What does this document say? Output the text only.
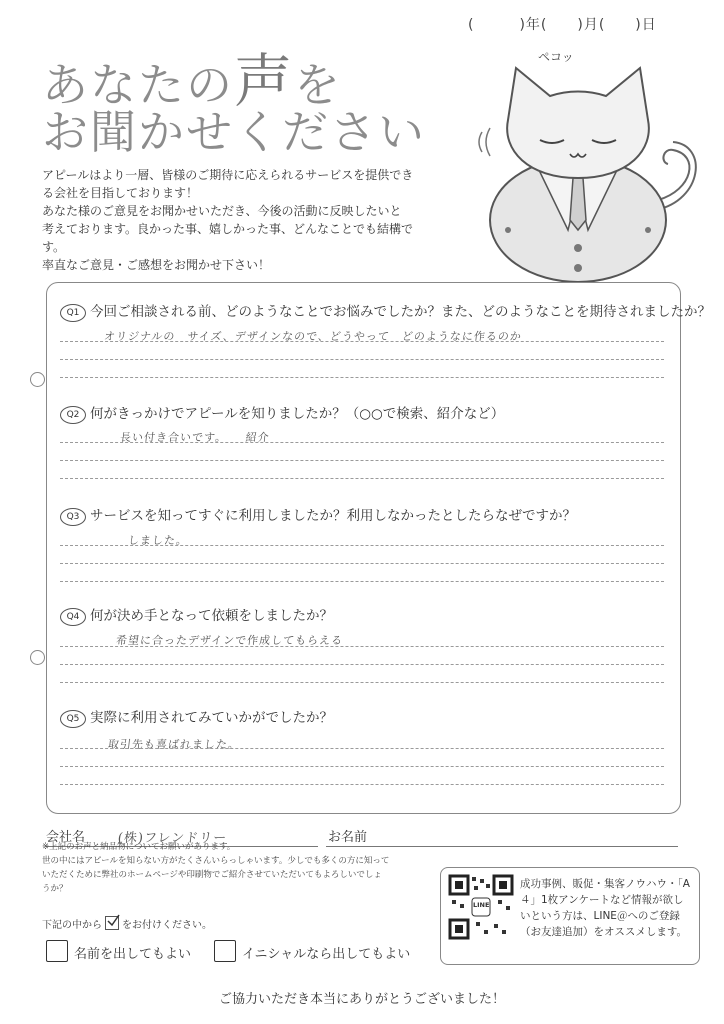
(　　　)年(　　)月(　　)日
あなたの声を
お聞かせください

アピールはより一層、皆様のご期待に応えられるサービスを提供でき

る会社を目指しております！

あなた様のご意見をお聞かせいただき、今後の活動に反映したいと

考えております。良かった事、嬉しかった事、どんなことでも結構で

す。

率直なご意見・ご感想をお聞かせ下さい！

ペコッ
Q1 今回ご相談される前、どのようなことでお悩みでしたか？また、どのようなことを期待されましたか？
オリジナルの　サイズ、デザインなので、どうやって　どのようなに作るのか
Q2 何がきっかけでアピールを知りましたか？（○○で検索、紹介など）
長い付き合いです。　　紹介
Q3 サービスを知ってすぐに利用しましたか？利用しなかったとしたらなぜですか？
しました。
Q4 何が決め手となって依頼をしましたか？
希望に合ったデザインで作成してもらえる
Q5 実際に利用されてみていかがでしたか？
取引先も喜ばれました。
会社名 (株)フレンドリー	お名前

※上記のお声と納品物についてお願いがあります。

世の中にはアピールを知らない方がたくさんいらっしゃいます。少しでも多くの方に知って

いただくために弊社のホームページや印刷物でご紹介させていただいてもよろしいでしょ

うか？

下記の中から をお付けください。
名前を出してもよい	イニシャルなら出してもよい
LINE
成功事例、販促・集客ノウハウ・「A４」1枚アンケートなど情報が欲しいという方は、LINE＠へのご登録（お友達追加）をオススメします。
ご協力いただき本当にありがとうございました！
